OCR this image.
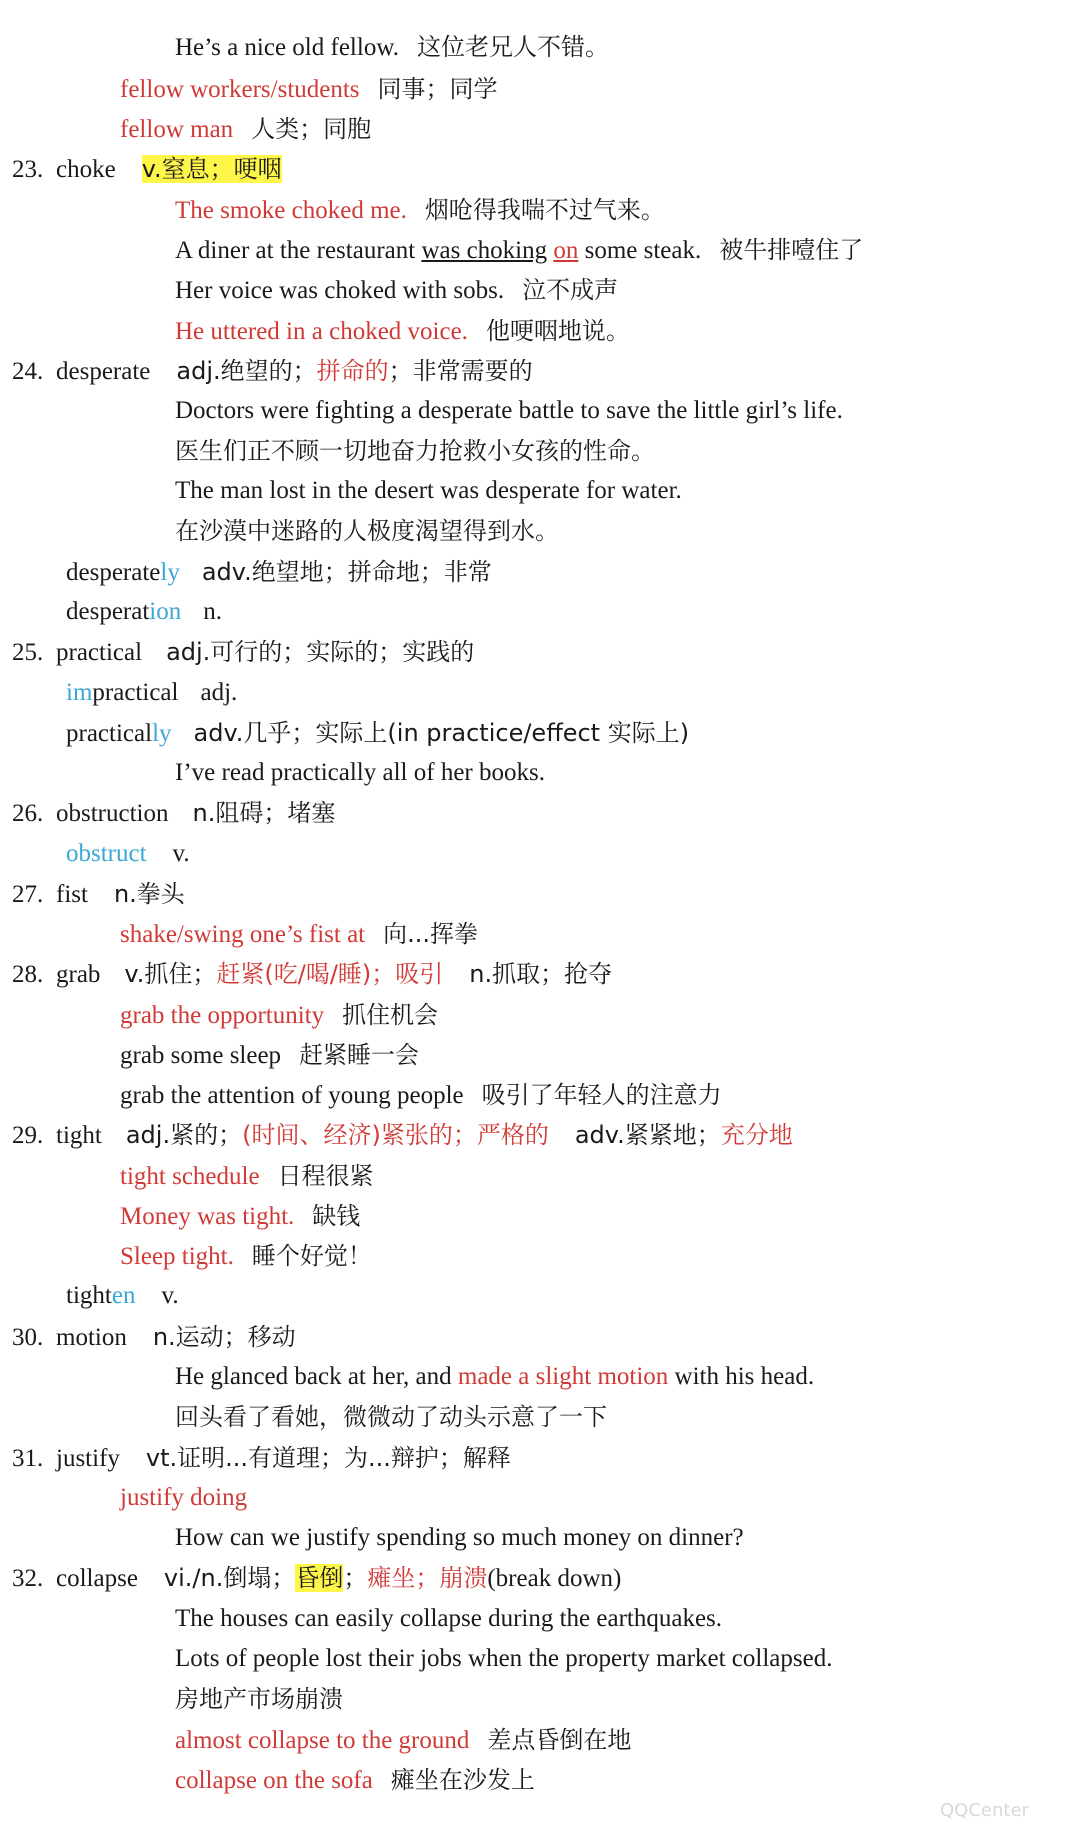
He’s a nice old fellow. 这位老兄人不错。
fellow workers/students 同事；同学
fellow man 人类；同胞
23. choke v.窒息；哽咽
The smoke choked me. 烟呛得我喘不过气来。
A diner at the restaurant was choking on some steak. 被牛排噎住了
Her voice was choked with sobs. 泣不成声
He uttered in a choked voice. 他哽咽地说。
24. desperate adj.绝望的；拼命的；非常需要的
Doctors were fighting a desperate battle to save the little girl’s life.
医生们正不顾一切地奋力抢救小女孩的性命。
The man lost in the desert was desperate for water.
在沙漠中迷路的人极度渴望得到水。
desperately adv.绝望地；拼命地；非常
desperation n.
25. practical adj.可行的；实际的；实践的
impractical adj.
practically adv.几乎；实际上(in practice/effect 实际上)
I’ve read practically all of her books.
26. obstruction n.阻碍；堵塞
obstruct v.
27. fist n.拳头
shake/swing one’s fist at 向...挥拳
28. grab v.抓住；赶紧(吃/喝/睡)；吸引 n.抓取；抢夺
grab the opportunity 抓住机会
grab some sleep 赶紧睡一会
grab the attention of young people 吸引了年轻人的注意力
29. tight adj.紧的；(时间、经济)紧张的；严格的 adv.紧紧地；充分地
tight schedule 日程很紧
Money was tight. 缺钱
Sleep tight. 睡个好觉！
tighten v.
30. motion n.运动；移动
He glanced back at her, and made a slight motion with his head.
回头看了看她，微微动了动头示意了一下
31. justify vt.证明...有道理；为...辩护；解释
justify doing
How can we justify spending so much money on dinner?
32. collapse vi./n.倒塌；昏倒；瘫坐；崩溃(break down)
The houses can easily collapse during the earthquakes.
Lots of people lost their jobs when the property market collapsed.
房地产市场崩溃
almost collapse to the ground 差点昏倒在地
collapse on the sofa 瘫坐在沙发上
QQCenter
